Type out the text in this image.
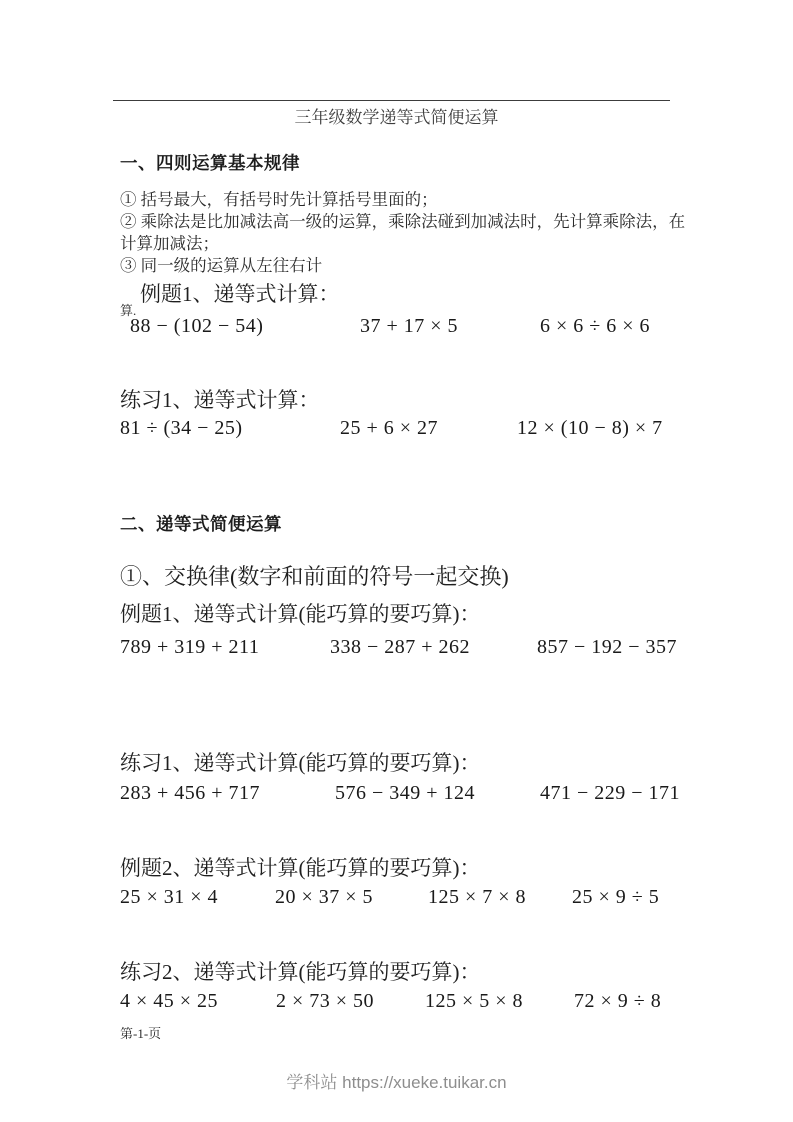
三年级数学递等式简便运算
一、四则运算基本规律

① 括号最大，有括号时先计算括号里面的；

② 乘除法是比加减法高一级的运算，乘除法碰到加减法时，先计算乘除法，在计算加减法；

③ 同一级的运算从左往右计

算.
例题1、递等式计算：
88 − (102 − 54)	37 + 17 × 5	6 × 6 ÷ 6 × 6
练习1、递等式计算：
81 ÷ (34 − 25)	25 + 6 × 27	12 × (10 − 8) × 7
二、递等式简便运算
①、交换律(数字和前面的符号一起交换)
例题1、递等式计算(能巧算的要巧算)：
789 + 319 + 211	338 − 287 + 262	857 − 192 − 357
练习1、递等式计算(能巧算的要巧算)：
283 + 456 + 717	576 − 349 + 124	471 − 229 − 171
例题2、递等式计算(能巧算的要巧算)：
25 × 31 × 4	20 × 37 × 5	125 × 7 × 8 25 × 9 ÷ 5
练习2、递等式计算(能巧算的要巧算)：
4 × 45 × 25	2 × 73 × 50	125 × 5 × 8	72 × 9 ÷ 8
第-1-页
学科站 https://xueke.tuikar.cn
